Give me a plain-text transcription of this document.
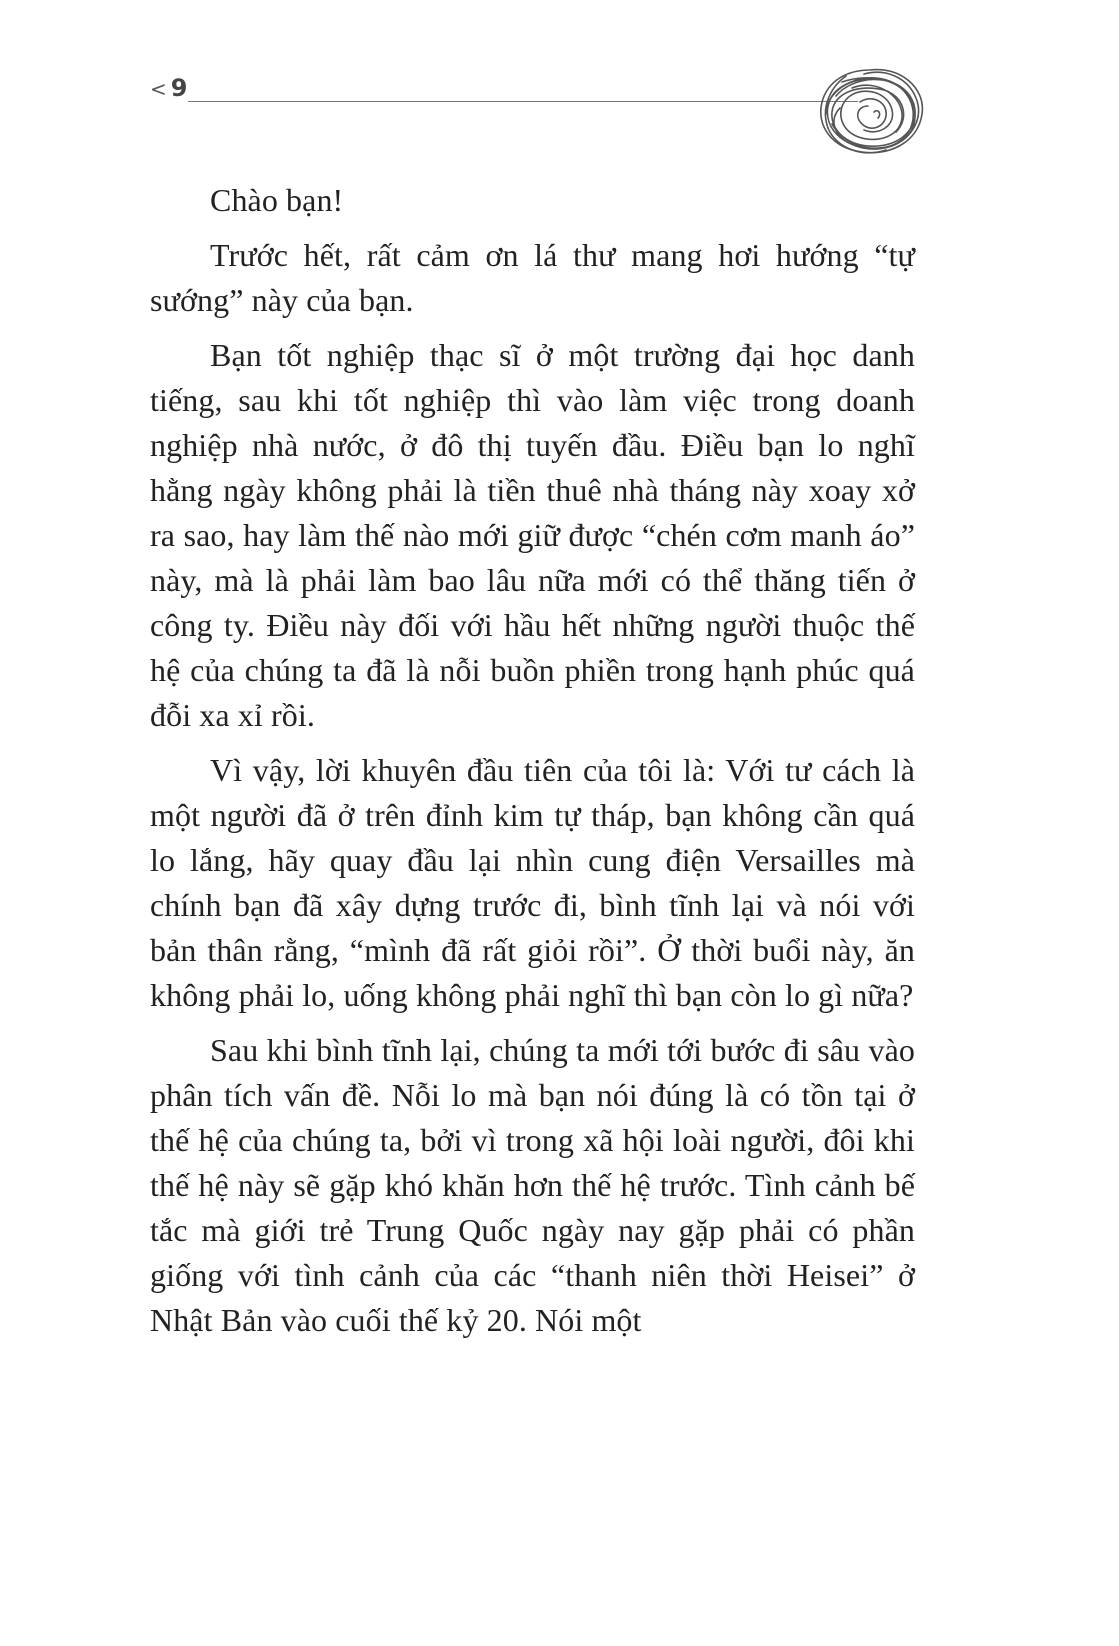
< 9

Chào bạn!

Trước hết, rất cảm ơn lá thư mang hơi hướng “tự sướng” này của bạn.

Bạn tốt nghiệp thạc sĩ ở một trường đại học danh tiếng, sau khi tốt nghiệp thì vào làm việc trong doanh nghiệp nhà nước, ở đô thị tuyến đầu. Điều bạn lo nghĩ hằng ngày không phải là tiền thuê nhà tháng này xoay xở ra sao, hay làm thế nào mới giữ được “chén cơm manh áo” này, mà là phải làm bao lâu nữa mới có thể thăng tiến ở công ty. Điều này đối với hầu hết những người thuộc thế hệ của chúng ta đã là nỗi buồn phiền trong hạnh phúc quá đỗi xa xỉ rồi.

Vì vậy, lời khuyên đầu tiên của tôi là: Với tư cách là một người đã ở trên đỉnh kim tự tháp, bạn không cần quá lo lắng, hãy quay đầu lại nhìn cung điện Versailles mà chính bạn đã xây dựng trước đi, bình tĩnh lại và nói với bản thân rằng, “mình đã rất giỏi rồi”. Ở thời buổi này, ăn không phải lo, uống không phải nghĩ thì bạn còn lo gì nữa?

Sau khi bình tĩnh lại, chúng ta mới tới bước đi sâu vào phân tích vấn đề. Nỗi lo mà bạn nói đúng là có tồn tại ở thế hệ của chúng ta, bởi vì trong xã hội loài người, đôi khi thế hệ này sẽ gặp khó khăn hơn thế hệ trước. Tình cảnh bế tắc mà giới trẻ Trung Quốc ngày nay gặp phải có phần giống với tình cảnh của các “thanh niên thời Heisei” ở Nhật Bản vào cuối thế kỷ 20. Nói một
